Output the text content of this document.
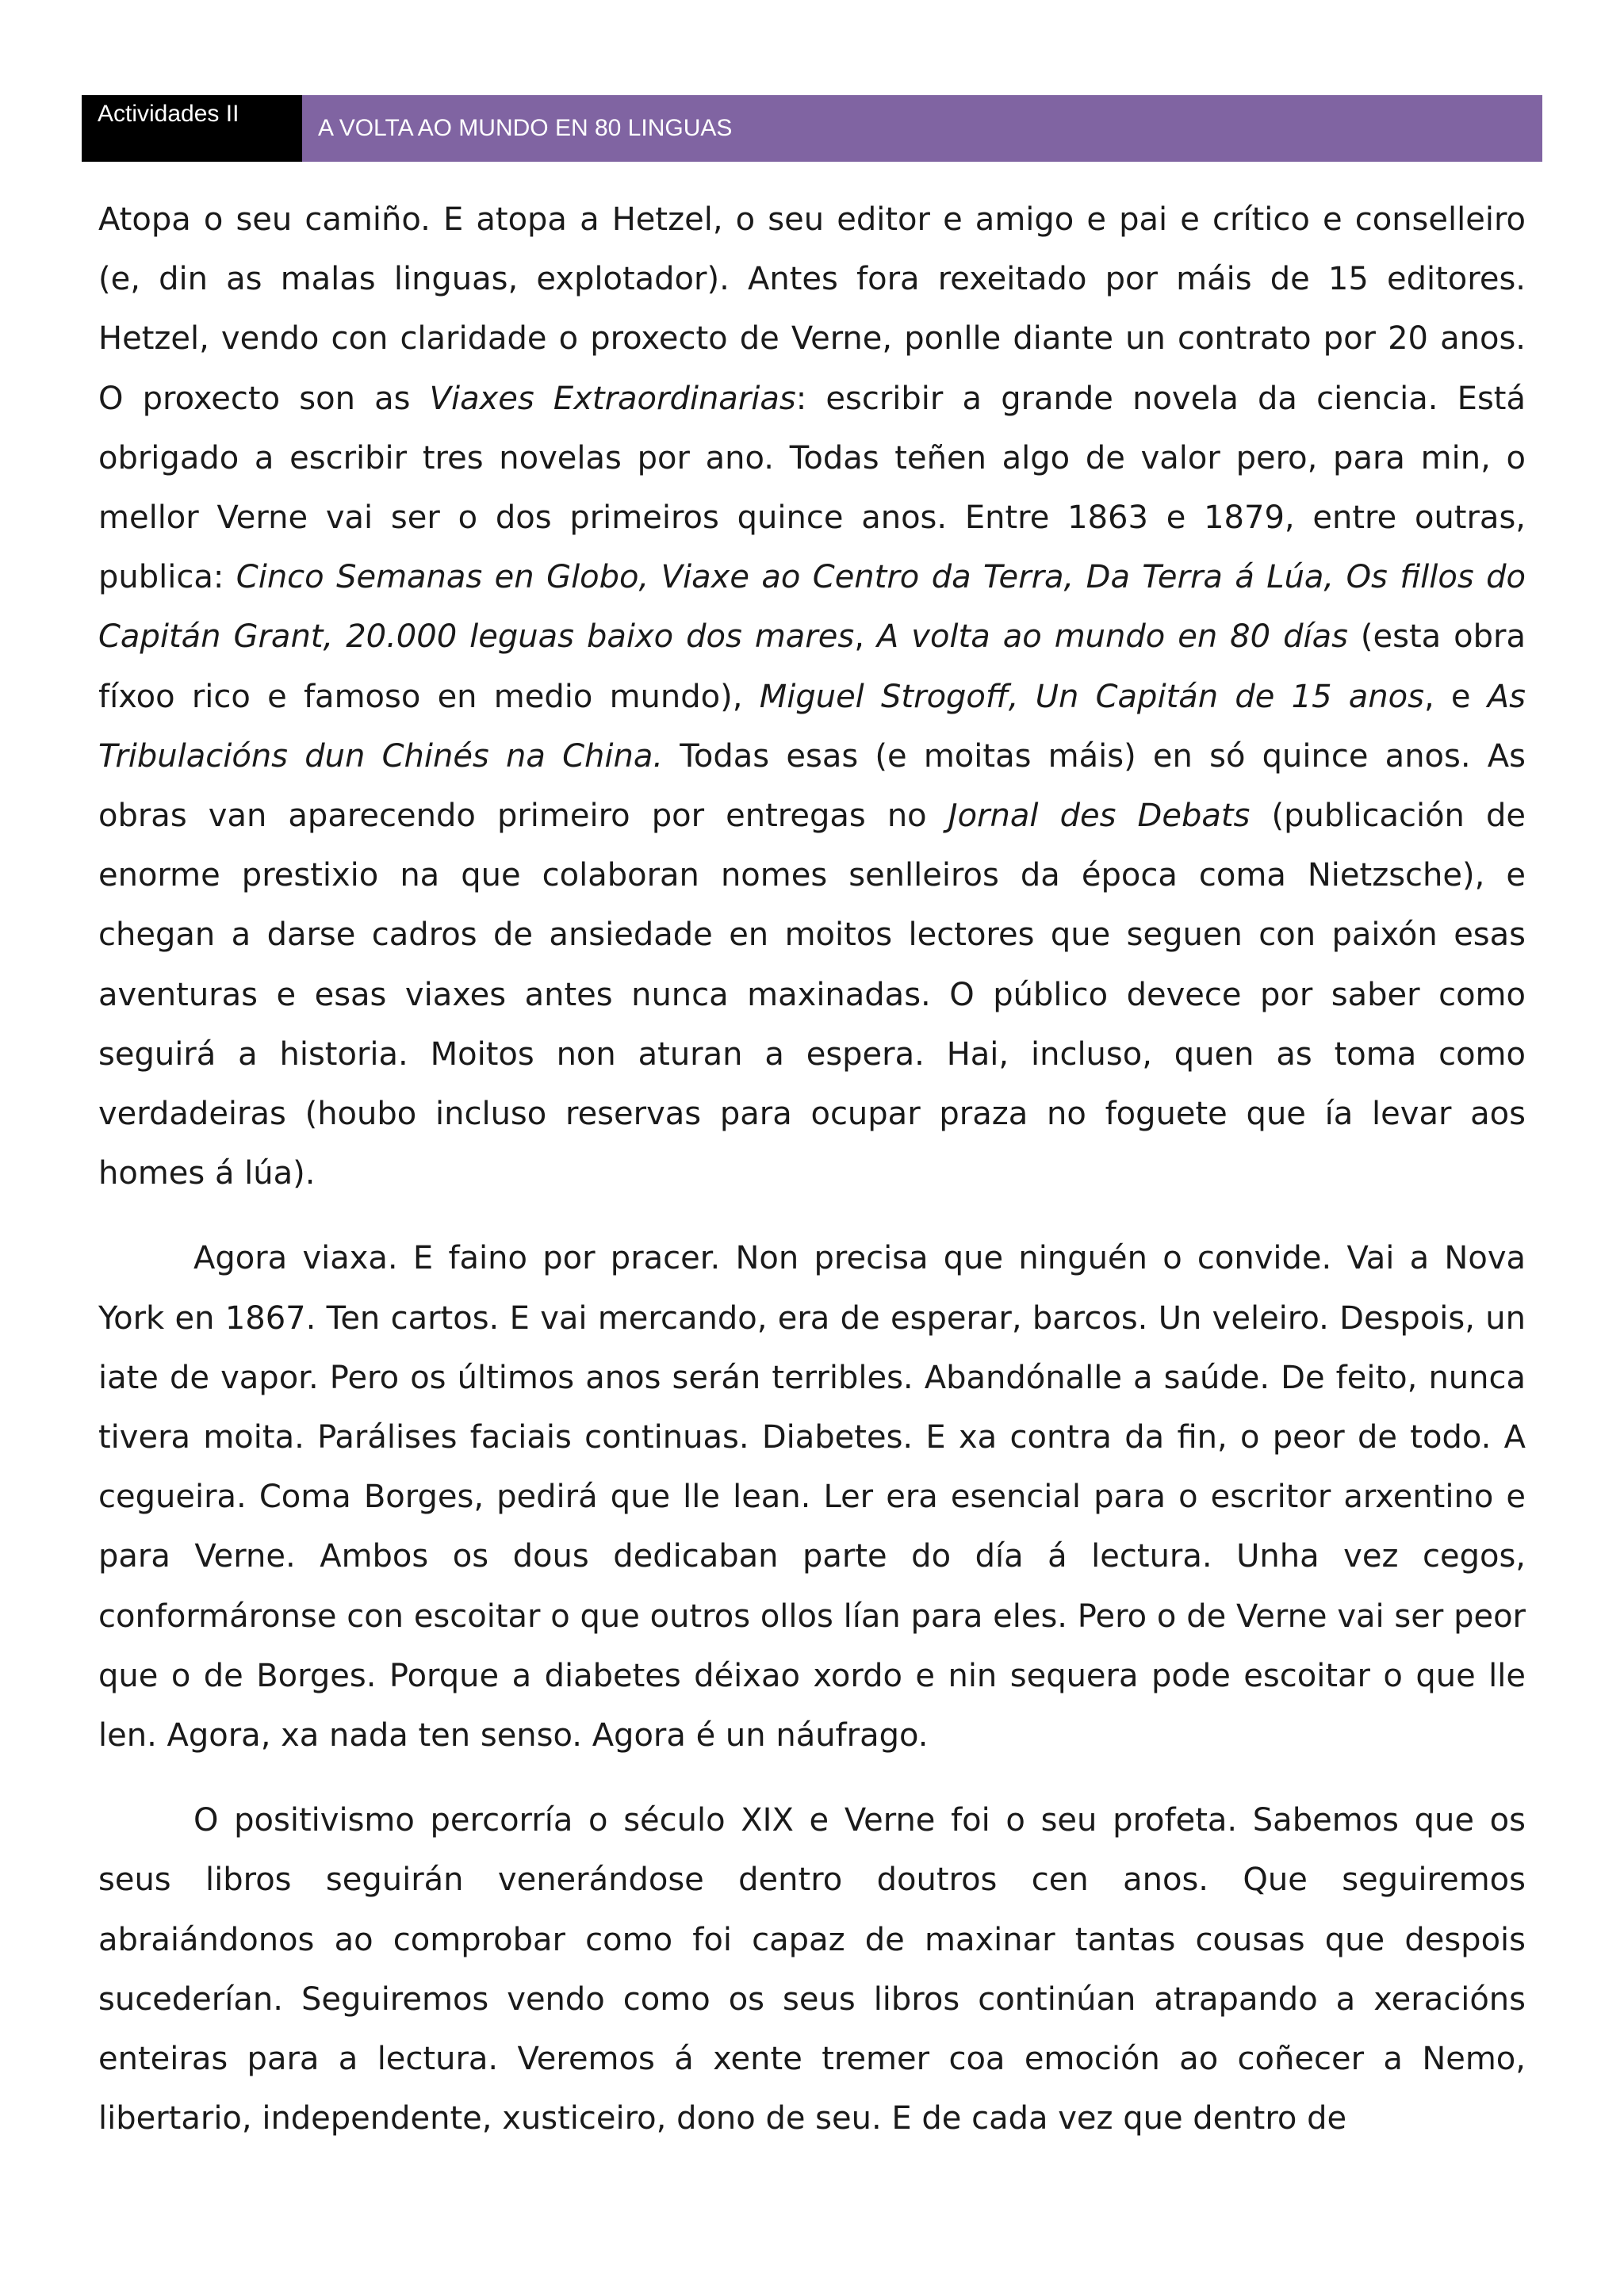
Actividades II
A VOLTA AO MUNDO EN 80 LINGUAS

Atopa o seu camiño. E atopa a Hetzel, o seu editor e amigo e pai e crítico e conselleiro (e, din as malas linguas, explotador). Antes fora rexeitado por máis de 15 editores. Hetzel, vendo con claridade o proxecto de Verne, ponlle diante un contrato por 20 anos. O proxecto son as Viaxes Extraordinarias: escribir a grande novela da ciencia. Está obrigado a escribir tres novelas por ano. Todas teñen algo de valor pero, para min, o mellor Verne vai ser o dos primeiros quince anos. Entre 1863 e 1879, entre outras, publica: Cinco Semanas en Globo, Viaxe ao Centro da Terra, Da Terra á Lúa, Os fillos do Capitán Grant, 20.000 leguas baixo dos mares, A volta ao mundo en 80 días (esta obra fíxoo rico e famoso en medio mundo), Miguel Strogoff, Un Capitán de 15 anos, e As Tribulacións dun Chinés na China. Todas esas (e moitas máis) en só quince anos. As obras van aparecendo primeiro por entregas no Jornal des Debats (publicación de enorme prestixio na que colaboran nomes senlleiros da época coma Nietzsche), e chegan a darse cadros de ansiedade en moitos lectores que seguen con paixón esas aventuras e esas viaxes antes nunca maxinadas. O público devece por saber como seguirá a historia. Moitos non aturan a espera. Hai, incluso, quen as toma como verdadeiras (houbo incluso reservas para ocupar praza no foguete que ía levar aos homes á lúa).

Agora viaxa. E faino por pracer. Non precisa que ninguén o convide. Vai a Nova York en 1867. Ten cartos. E vai mercando, era de esperar, barcos. Un veleiro. Despois, un iate de vapor. Pero os últimos anos serán terribles. Abandónalle a saúde. De feito, nunca tivera moita. Parálises faciais continuas. Diabetes. E xa contra da fin, o peor de todo. A cegueira. Coma Borges, pedirá que lle lean. Ler era esencial para o escritor arxentino e para Verne. Ambos os dous dedicaban parte do día á lectura. Unha vez cegos, conformáronse con escoitar o que outros ollos lían para eles. Pero o de Verne vai ser peor que o de Borges. Porque a diabetes déixao xordo e nin sequera pode escoitar o que lle len. Agora, xa nada ten senso. Agora é un náufrago.

O positivismo percorría o século XIX e Verne foi o seu profeta. Sabemos que os seus libros seguirán venerándose dentro doutros cen anos. Que seguiremos abraiándonos ao comprobar como foi capaz de maxinar tantas cousas que despois sucederían. Seguiremos vendo como os seus libros continúan atrapando a xeracións enteiras para a lectura. Veremos á xente tremer coa emoción ao coñecer a Nemo, libertario, independente, xusticeiro, dono de seu. E de cada vez que dentro de
